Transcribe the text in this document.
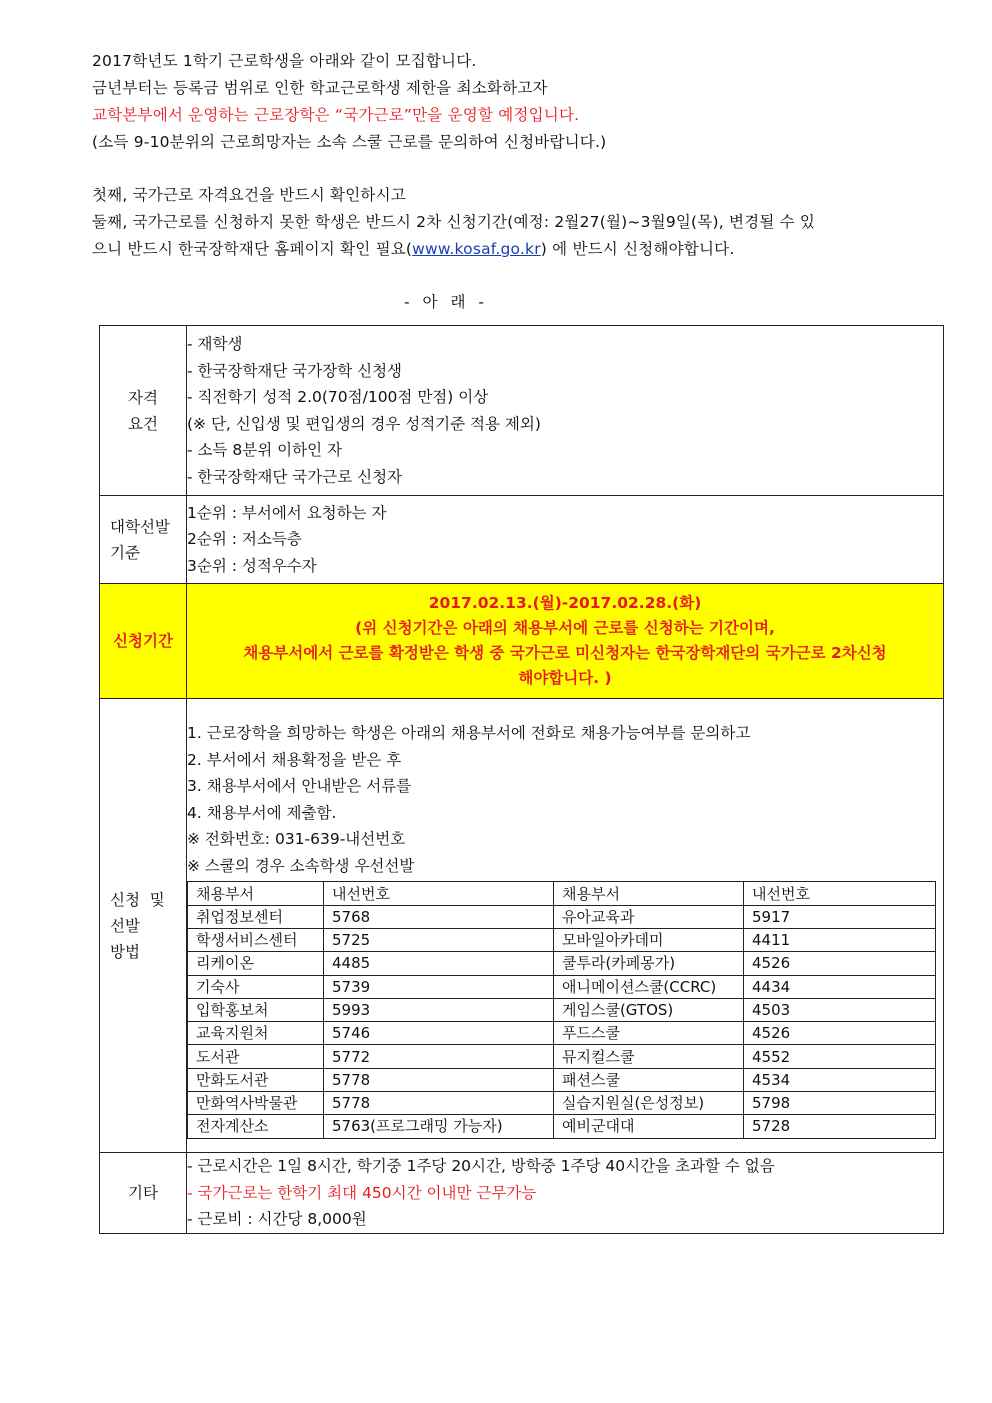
2017학년도 1학기 근로학생을 아래와 같이 모집합니다.
금년부터는 등록금 범위로 인한 학교근로학생 제한을 최소화하고자
교학본부에서 운영하는 근로장학은 “국가근로”만을 운영할 예정입니다.
(소득 9-10분위의 근로희망자는 소속 스쿨 근로를 문의하여 신청바랍니다.)
첫째, 국가근로 자격요건을 반드시 확인하시고
둘째, 국가근로를 신청하지 못한 학생은 반드시 2차 신청기간(예정: 2월27(월)~3월9일(목), 변경될 수 있
으니 반드시 한국장학재단 홈페이지 확인 필요(www.kosaf.go.kr) 에 반드시 신청해야합니다.
- 아 래 -
자격
요건

- 재학생
- 한국장학재단 국가장학 신청생
- 직전학기 성적 2.0(70점/100점 만점) 이상
(※ 단, 신입생 및 편입생의 경우 성적기준 적용 제외)
- 소득 8분위 이하인 자
- 한국장학재단 국가근로 신청자

대학선발
기준

1순위 : 부서에서 요청하는 자
2순위 : 저소득층
3순위 : 성적우수자

신청기간	
2017.02.13.(월)-2017.02.28.(화)
(위 신청기간은 아래의 채용부서에 근로를 신청하는 기간이며,
채용부서에서 근로를 확정받은 학생 중 국가근로 미신청자는 한국장학재단의 국가근로 2차신청
해야합니다. )

신청  및
선발
방법

1. 근로장학을 희망하는 학생은 아래의 채용부서에 전화로 채용가능여부를 문의하고
2. 부서에서 채용확정을 받은 후
3. 채용부서에서 안내받은 서류를
4. 채용부서에 제출함.
※ 전화번호: 031-639-내선번호
※ 스쿨의 경우 소속학생 우선선발
채용부서	내선번호	채용부서	내선번호
취업정보센터	5768	유아교육과	5917
학생서비스센터	5725	모바일아카데미	4411
리케이온	4485	쿨투라(카페몽가)	4526
기숙사	5739	애니메이션스쿨(CCRC)	4434
입학홍보처	5993	게임스쿨(GTOS)	4503
교육지원처	5746	푸드스쿨	4526
도서관	5772	뮤지컬스쿨	4552
만화도서관	5778	패션스쿨	4534
만화역사박물관	5778	실습지원실(은성정보)	5798
전자계산소	5763(프로그래밍 가능자)	예비군대대	5728

기타	
- 근로시간은 1일 8시간, 학기중 1주당 20시간, 방학중 1주당 40시간을 초과할 수 없음
- 국가근로는 한학기 최대 450시간 이내만 근무가능
- 근로비 : 시간당 8,000원
